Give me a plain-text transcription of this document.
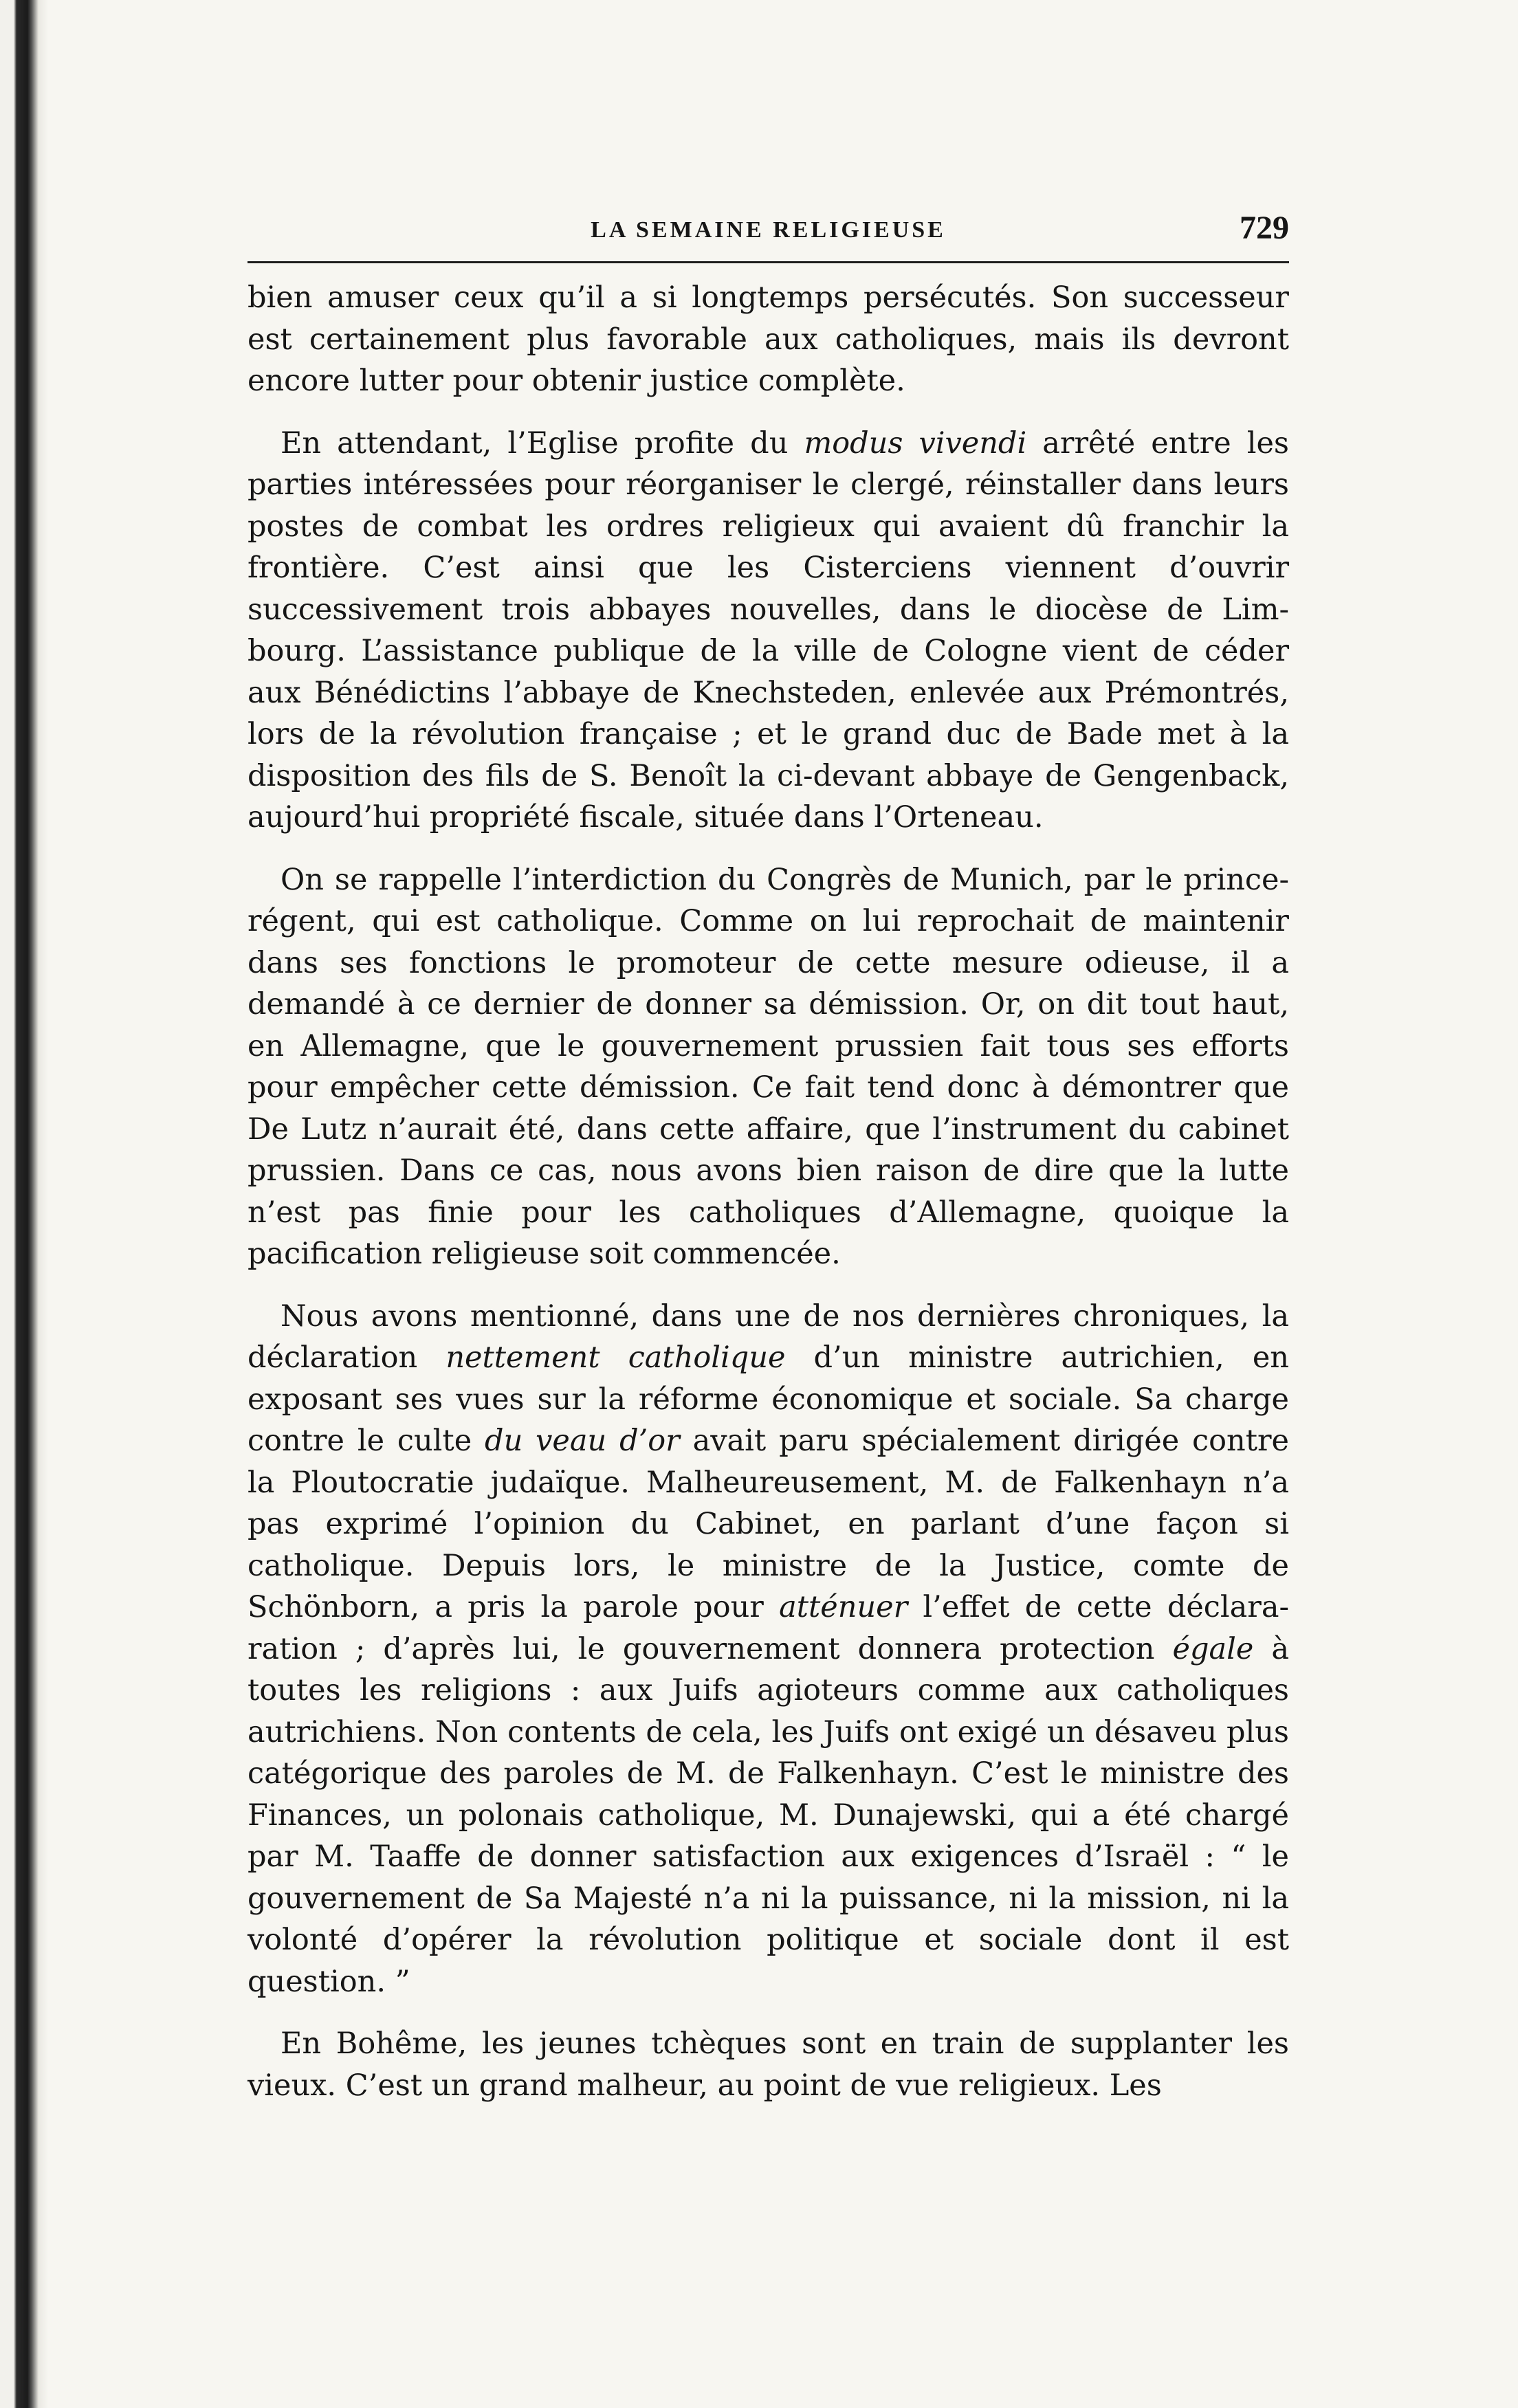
LA SEMAINE RELIGIEUSE	729

bien amuser ceux qu’il a si longtemps persécutés. Son successeur est certainement plus favorable aux catholiques, mais ils devront encore lutter pour obtenir justice complète.

En attendant, l’Eglise profite du modus vivendi arrêté entre les parties intéressées pour réorganiser le clergé, réinstaller dans leurs postes de combat les ordres religieux qui avaient dû franchir la frontière. C’est ainsi que les Cisterciens viennent d’ouvrir successivement trois abbayes nouvelles, dans le diocèse de Limbourg. L’assistance publique de la ville de Cologne vient de céder aux Bénédictins l’abbaye de Knechsteden, enlevée aux Prémontrés, lors de la révolution française ; et le grand duc de Bade met à la disposition des fils de S. Benoît la ci-devant abbaye de Gengenback, aujourd’hui propriété fiscale, située dans l’Orteneau.

On se rappelle l’interdiction du Congrès de Munich, par le prince-régent, qui est catholique. Comme on lui reprochait de maintenir dans ses fonctions le promoteur de cette mesure odieuse, il a demandé à ce dernier de donner sa démission. Or, on dit tout haut, en Allemagne, que le gouvernement prussien fait tous ses efforts pour empêcher cette démission. Ce fait tend donc à démontrer que De Lutz n’aurait été, dans cette affaire, que l’instrument du cabinet prussien. Dans ce cas, nous avons bien raison de dire que la lutte n’est pas finie pour les catholiques d’Allemagne, quoique la pacification religieuse soit commencée.

Nous avons mentionné, dans une de nos dernières chroniques, la déclaration nettement catholique d’un ministre autrichien, en exposant ses vues sur la réforme économique et sociale. Sa charge contre le culte du veau d’or avait paru spécialement dirigée contre la Ploutocratie judaïque. Malheureusement, M. de Falkenhayn n’a pas exprimé l’opinion du Cabinet, en parlant d’une façon si catholique. Depuis lors, le ministre de la Justice, comte de Schönborn, a pris la parole pour atténuer l’effet de cette déclararation ; d’après lui, le gouvernement donnera protection égale à toutes les religions : aux Juifs agioteurs comme aux catholiques autrichiens. Non contents de cela, les Juifs ont exigé un désaveu plus catégorique des paroles de M. de Falkenhayn. C’est le ministre des Finances, un polonais catholique, M. Dunajewski, qui a été chargé par M. Taaffe de donner satisfaction aux exigences d’Israël : “ le gouvernement de Sa Majesté n’a ni la puissance, ni la mission, ni la volonté d’opérer la révolution politique et sociale dont il est question. ”

En Bohême, les jeunes tchèques sont en train de supplanter les vieux. C’est un grand malheur, au point de vue religieux. Les
